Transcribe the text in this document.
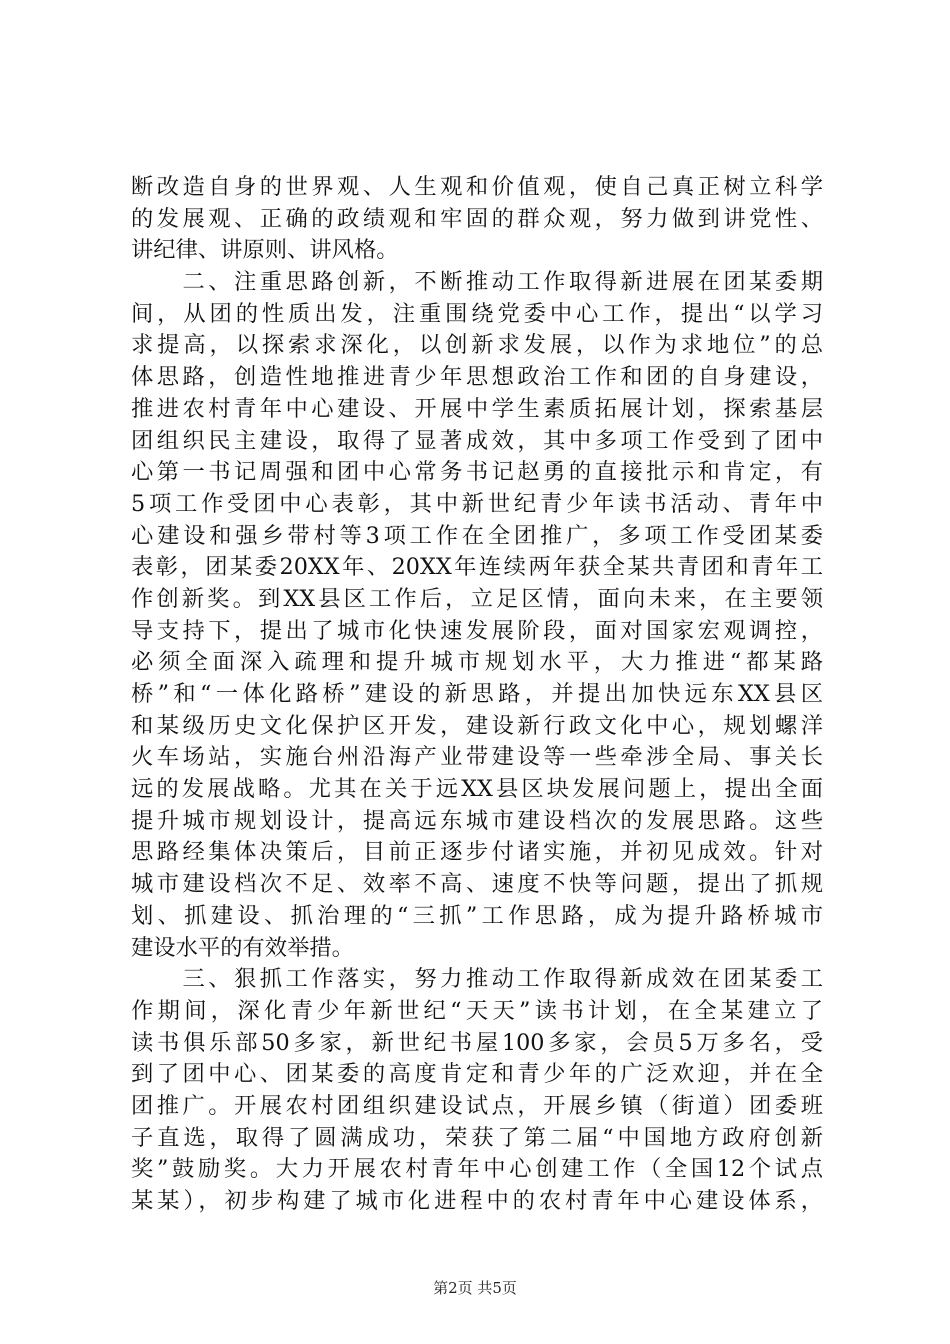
断改造自身的世界观、人生观和价值观，使自己真正树立科学
的发展观、正确的政绩观和牢固的群众观，努力做到讲党性、
讲纪律、讲原则、讲风格。
　　二、注重思路创新，不断推动工作取得新进展在团某委期
间，从团的性质出发，注重围绕党委中心工作，提出“以学习
求提高，以探索求深化，以创新求发展，以作为求地位”的总
体思路，创造性地推进青少年思想政治工作和团的自身建设，
推进农村青年中心建设、开展中学生素质拓展计划，探索基层
团组织民主建设，取得了显著成效，其中多项工作受到了团中
心第一书记周强和团中心常务书记赵勇的直接批示和肯定，有
5项工作受团中心表彰，其中新世纪青少年读书活动、青年中
心建设和强乡带村等3项工作在全团推广，多项工作受团某委
表彰，团某委20XX年、20XX年连续两年获全某共青团和青年工
作创新奖。到XX县区工作后，立足区情，面向未来，在主要领
导支持下，提出了城市化快速发展阶段，面对国家宏观调控，
必须全面深入疏理和提升城市规划水平，大力推进“都某路
桥”和“一体化路桥”建设的新思路，并提出加快远东XX县区
和某级历史文化保护区开发，建设新行政文化中心，规划螺洋
火车场站，实施台州沿海产业带建设等一些牵涉全局、事关长
远的发展战略。尤其在关于远XX县区块发展问题上，提出全面
提升城市规划设计，提高远东城市建设档次的发展思路。这些
思路经集体决策后，目前正逐步付诸实施，并初见成效。针对
城市建设档次不足、效率不高、速度不快等问题，提出了抓规
划、抓建设、抓治理的“三抓”工作思路，成为提升路桥城市
建设水平的有效举措。
　　三、狠抓工作落实，努力推动工作取得新成效在团某委工
作期间，深化青少年新世纪“天天”读书计划，在全某建立了
读书俱乐部50多家，新世纪书屋100多家，会员5万多名，受
到了团中心、团某委的高度肯定和青少年的广泛欢迎，并在全
团推广。开展农村团组织建设试点，开展乡镇（街道）团委班
子直选，取得了圆满成功，荣获了第二届“中国地方政府创新
奖”鼓励奖。大力开展农村青年中心创建工作（全国12个试点
某某），初步构建了城市化进程中的农村青年中心建设体系，
第2页 共5页
